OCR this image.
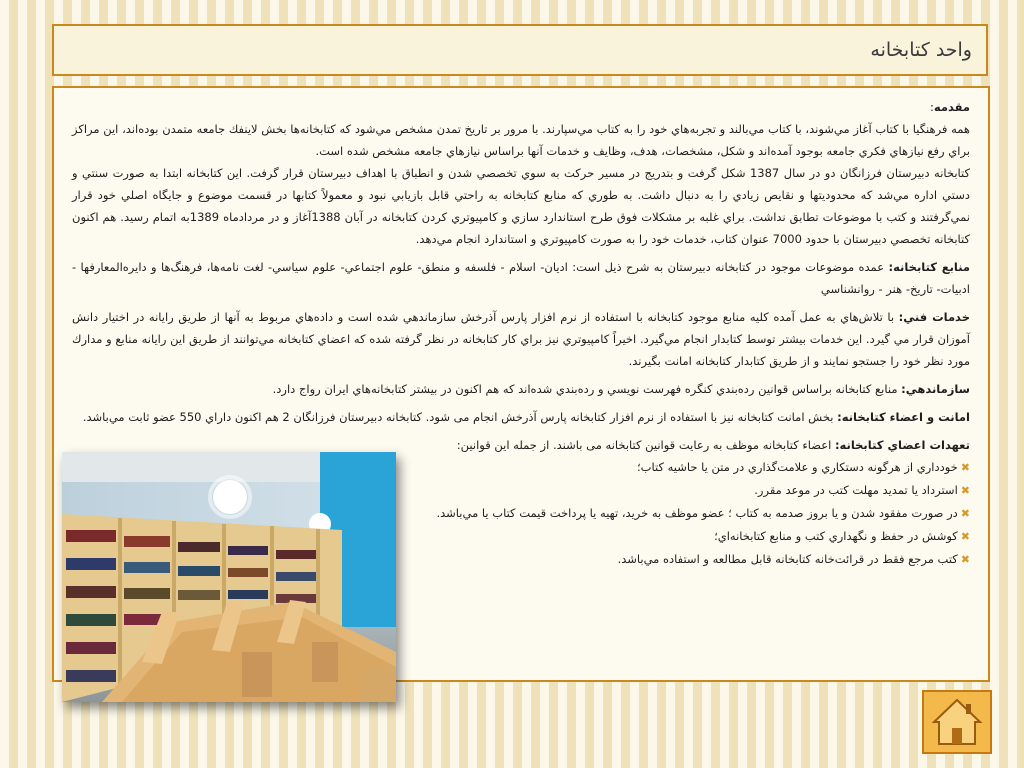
واحد کتابخانه

مقدمه:
همه فرهنگیا با کتاب آغاز مي‌شوند، با کتاب مي‌بالند و تجربه‌هاي خود را به کتاب مي‌سپارند. با مرور بر تاریخ تمدن مشخص مي‌شود که کتابخانه‌ها بخش لاینفك جامعه متمدن بوده‌اند، این مراکز براي رفع نیازهاي فکري جامعه بوجود آمده‌اند و شکل، مشخصات، هدف، وظایف و خدمات آنها براساس نیازهاي جامعه مشخص شده است.
کتابخانه دبیرستان فرزانگان دو در سال 1387 شکل گرفت و بتدریج در مسیر حرکت به سوي تخصصي شدن و انطباق با اهداف دبیرستان قرار گرفت. این کتابخانه ابتدا به صورت سنتي و دستي اداره مي‌شد که محدودیتها و نقایص زیادي را به دنبال داشت. به طوري که منابع کتابخانه به راحتي قابل بازیابي نبود و معمولاً کتابها در قسمت موضوع و جایگاه اصلي خود قرار نمي‌گرفتند و کتب با موضوعات تطابق نداشت. براي غلبه بر مشکلات فوق طرح استاندارد سازي و کامپیوتري کردن کتابخانه در آبان 1388آغاز و در مردادماه 1389به اتمام رسید. هم اکنون کتابخانه تخصصي دبیرستان با حدود 7000 عنوان کتاب، خدمات خود را به صورت کامپیوتري و استاندارد انجام مي‌دهد.

منابع کتابخانه: عمده موضوعات موجود در کتابخانه دبیرستان به شرح ذیل است: ادیان- اسلام - فلسفه و منطق- علوم اجتماعي- علوم سیاسي- لغت نامه‌ها، فرهنگ‌ها و دایره‌المعارفها - ادبیات- تاریخ- هنر - روانشناسي

خدمات فني: با تلاش‌هاي به عمل آمده کلیه منابع موجود کتابخانه با استفاده از نرم افزار پارس آذرخش سازماندهي شده است و داده‌هاي مربوط به آنها از طریق رایانه در اختیار دانش آموزان قرار مي گیرد. این خدمات بیشتر توسط کتابدار انجام مي‌گیرد. اخیراً کامپیوتري نیز براي کار کتابخانه در نظر گرفته شده که اعضاي کتابخانه مي‌توانند از طریق این رایانه منابع و مدارك مورد نظر خود را جستجو نمایند و از طریق کتابدار کتابخانه امانت بگیرند.

سازماندهي: منابع کتابخانه براساس قوانین رده‌بندي کنگره فهرست نویسي و رده‌بندي شده‌اند که هم اکنون در بیشتر کتابخانه‌هاي ایران رواج دارد.

امانت و اعضاء کتابخانه: بخش امانت کتابخانه نیز با استفاده از نرم افزار کتابخانه پارس آذرخش انجام می شود. کتابخانه دبیرستان فرزانگان 2 هم اکنون داراي 550 عضو ثابت مي‌باشد.

تعهدات اعضاي کتابخانه: اعضاء کتابخانه موظف به رعایت قوانین کتابخانه می باشند. از جمله این قوانین:

✖
خودداري از هرگونه دستکاري و علامت‌گذاري در متن یا حاشیه کتاب؛
✖
استرداد یا تمدید مهلت کتب در موعد مقرر.
✖
در صورت مفقود شدن و یا بروز صدمه به کتاب ؛ عضو موظف به خرید، تهیه یا پرداخت قیمت کتاب یا مي‌باشد.
✖
کوشش در حفظ و نگهداري کتب و منابع کتابخانه‌اي؛
✖
کتب مرجع فقط در قرائت‌خانه کتابخانه قابل مطالعه و استفاده مي‌باشد.
